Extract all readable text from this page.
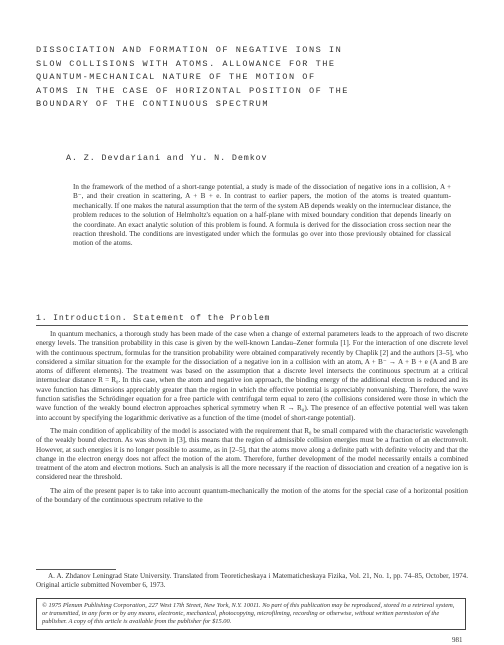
DISSOCIATION AND FORMATION OF NEGATIVE IONS IN
SLOW COLLISIONS WITH ATOMS. ALLOWANCE FOR THE
QUANTUM-MECHANICAL NATURE OF THE MOTION OF
ATOMS IN THE CASE OF HORIZONTAL POSITION OF THE
BOUNDARY OF THE CONTINUOUS SPECTRUM
A. Z. Devdariani and Yu. N. Demkov
In the framework of the method of a short-range potential, a study is made of the dissociation of negative ions in a collision, A + B⁻, and their creation in scattering, A + B + e. In contrast to earlier papers, the motion of the atoms is treated quantum-mechanically. If one makes the natural assumption that the term of the system AB depends weakly on the internuclear distance, the problem reduces to the solution of Helmholtz's equation on a half-plane with mixed boundary condition that depends linearly on the coordinate. An exact analytic solution of this problem is found. A formula is derived for the dissociation cross section near the reaction threshold. The conditions are investigated under which the formulas go over into those previously obtained for classical motion of the atoms.
1. Introduction. Statement of the Problem

In quantum mechanics, a thorough study has been made of the case when a change of external parameters leads to the approach of two discrete energy levels. The transition probability in this case is given by the well-known Landau–Zener formula [1]. For the interaction of one discrete level with the continuous spectrum, formulas for the transition probability were obtained comparatively recently by Chaplik [2] and the authors [3–5], who considered a similar situation for the example for the dissociation of a negative ion in a collision with an atom, A + B⁻ → A + B + e (A and B are atoms of different elements). The treatment was based on the assumption that a discrete level intersects the continuous spectrum at a critical internuclear distance R = R₀. In this case, when the atom and negative ion approach, the binding energy of the additional electron is reduced and its wave function has dimensions appreciably greater than the region in which the effective potential is appreciably nonvanishing. Therefore, the wave function satisfies the Schrödinger equation for a free particle with centrifugal term equal to zero (the collisions considered were those in which the wave function of the weakly bound electron approaches spherical symmetry when R → R₀). The presence of an effective potential well was taken into account by specifying the logarithmic derivative as a function of the time (model of short-range potential).

The main condition of applicability of the model is associated with the requirement that R₀ be small compared with the characteristic wavelength of the weakly bound electron. As was shown in [3], this means that the region of admissible collision energies must be a fraction of an electronvolt. However, at such energies it is no longer possible to assume, as in [2–5], that the atoms move along a definite path with definite velocity and that the change in the electron energy does not affect the motion of the atom. Therefore, further development of the model necessarily entails a combined treatment of the atom and electron motions. Such an analysis is all the more necessary if the reaction of dissociation and creation of a negative ion is considered near the threshold.

The aim of the present paper is to take into account quantum-mechanically the motion of the atoms for the special case of a horizontal position of the boundary of the continuous spectrum relative to the

A. A. Zhdanov Leningrad State University. Translated from Teoreticheskaya i Matematicheskaya Fizika, Vol. 21, No. 1, pp. 74–85, October, 1974. Original article submitted November 6, 1973.
© 1975 Plenum Publishing Corporation, 227 West 17th Street, New York, N.Y. 10011. No part of this publication may be reproduced, stored in a retrieval system, or transmitted, in any form or by any means, electronic, mechanical, photocopying, microfilming, recording or otherwise, without written permission of the publisher. A copy of this article is available from the publisher for $15.00.
981
